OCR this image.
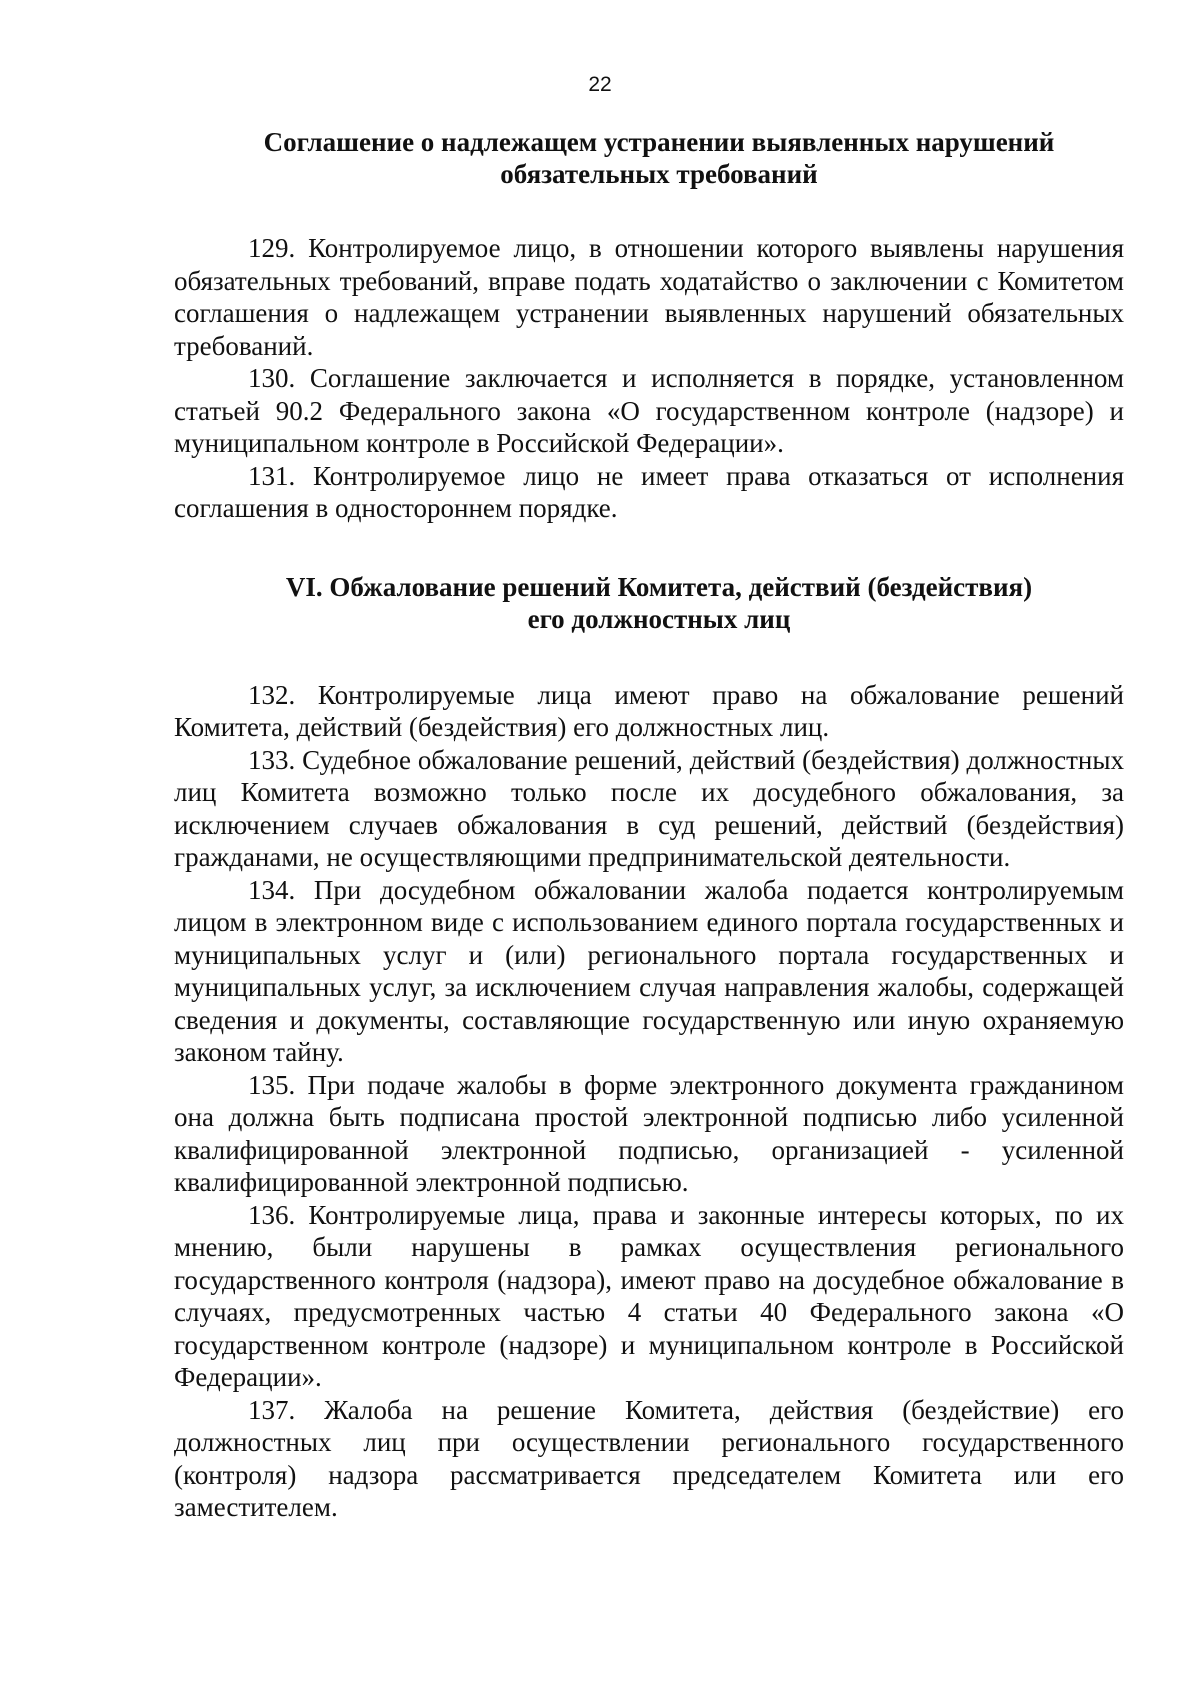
22
Соглашение о надлежащем устранении выявленных нарушений
обязательных требований

129. Контролируемое лицо, в отношении которого выявлены нарушения обязательных требований, вправе подать ходатайство о заключении с Комитетом соглашения о надлежащем устранении выявленных нарушений обязательных требований.

130. Соглашение заключается и исполняется в порядке, установленном статьей 90.2 Федерального закона «О государственном контроле (надзоре) и муниципальном контроле в Российской Федерации».

131. Контролируемое лицо не имеет права отказаться от исполнения соглашения в одностороннем порядке.

VI. Обжалование решений Комитета, действий (бездействия)
его должностных лиц

132. Контролируемые лица имеют право на обжалование решений Комитета, действий (бездействия) его должностных лиц.

133. Судебное обжалование решений, действий (бездействия) должностных лиц Комитета возможно только после их досудебного обжалования, за исключением случаев обжалования в суд решений, действий (бездействия) гражданами, не осуществляющими предпринимательской деятельности.

134. При досудебном обжаловании жалоба подается контролируемым лицом в электронном виде с использованием единого портала государственных и муниципальных услуг и (или) регионального портала государственных и муниципальных услуг, за исключением случая направления жалобы, содержащей сведения и документы, составляющие государственную или иную охраняемую законом тайну.

135. При подаче жалобы в форме электронного документа гражданином она должна быть подписана простой электронной подписью либо усиленной квалифицированной электронной подписью, организацией - усиленной квалифицированной электронной подписью.

136. Контролируемые лица, права и законные интересы которых, по их мнению, были нарушены в рамках осуществления регионального государственного контроля (надзора), имеют право на досудебное обжалование в случаях, предусмотренных частью 4 статьи 40 Федерального закона «О государственном контроле (надзоре) и муниципальном контроле в Российской Федерации».

137. Жалоба на решение Комитета, действия (бездействие) его должностных лиц при осуществлении регионального государственного (контроля) надзора рассматривается председателем Комитета или его заместителем.
